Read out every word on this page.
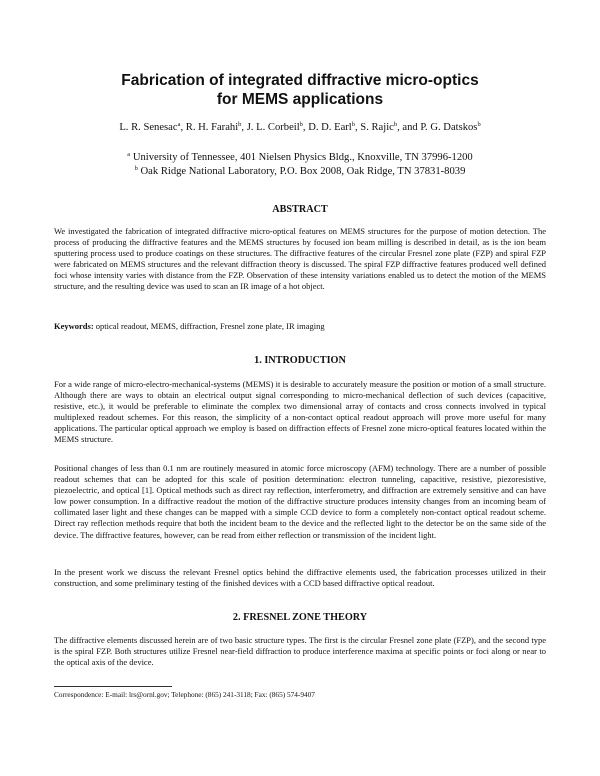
Fabrication of integrated diffractive micro-optics
for MEMS applications
L. R. Senesac$^a$, R. H. Farahi$^b$, J. L. Corbeil$^b$, D. D. Earl$^b$, S. Rajic$^b$, and P. G. Datskos$^b$
$^a$ University of Tennessee, 401 Nielsen Physics Bldg., Knoxville, TN 37996-1200
$^b$ Oak Ridge National Laboratory, P.O. Box 2008, Oak Ridge, TN 37831-8039
ABSTRACT

We investigated the fabrication of integrated diffractive micro-optical features on MEMS structures for the purpose of motion detection. The process of producing the diffractive features and the MEMS structures by focused ion beam milling is described in detail, as is the ion beam sputtering process used to produce coatings on these structures. The diffractive features of the circular Fresnel zone plate (FZP) and spiral FZP were fabricated on MEMS structures and the relevant diffraction theory is discussed. The spiral FZP diffractive features produced well defined foci whose intensity varies with distance from the FZP. Observation of these intensity variations enabled us to detect the motion of the MEMS structure, and the resulting device was used to scan an IR image of a hot object.

Keywords: optical readout, MEMS, diffraction, Fresnel zone plate, IR imaging
1. INTRODUCTION

For a wide range of micro-electro-mechanical-systems (MEMS) it is desirable to accurately measure the position or motion of a small structure. Although there are ways to obtain an electrical output signal corresponding to micro-mechanical deflection of such devices (capacitive, resistive, etc.), it would be preferable to eliminate the complex two dimensional array of contacts and cross connects involved in typical multiplexed readout schemes. For this reason, the simplicity of a non-contact optical readout approach will prove more useful for many applications. The particular optical approach we employ is based on diffraction effects of Fresnel zone micro-optical features located within the MEMS structure.

Positional changes of less than 0.1 nm are routinely measured in atomic force microscopy (AFM) technology. There are a number of possible readout schemes that can be adopted for this scale of position determination: electron tunneling, capacitive, resistive, piezoresistive, piezoelectric, and optical [1]. Optical methods such as direct ray reflection, interferometry, and diffraction are extremely sensitive and can have low power consumption. In a diffractive readout the motion of the diffractive structure produces intensity changes from an incoming beam of collimated laser light and these changes can be mapped with a simple CCD device to form a completely non-contact optical readout scheme. Direct ray reflection methods require that both the incident beam to the device and the reflected light to the detector be on the same side of the device. The diffractive features, however, can be read from either reflection or transmission of the incident light.

In the present work we discuss the relevant Fresnel optics behind the diffractive elements used, the fabrication processes utilized in their construction, and some preliminary testing of the finished devices with a CCD based diffractive optical readout.

2. FRESNEL ZONE THEORY

The diffractive elements discussed herein are of two basic structure types. The first is the circular Fresnel zone plate (FZP), and the second type is the spiral FZP. Both structures utilize Fresnel near-field diffraction to produce interference maxima at specific points or foci along or near to the optical axis of the device.

Correspondence: E-mail: lrs@ornl.gov; Telephone: (865) 241-3118; Fax: (865) 574-9407
